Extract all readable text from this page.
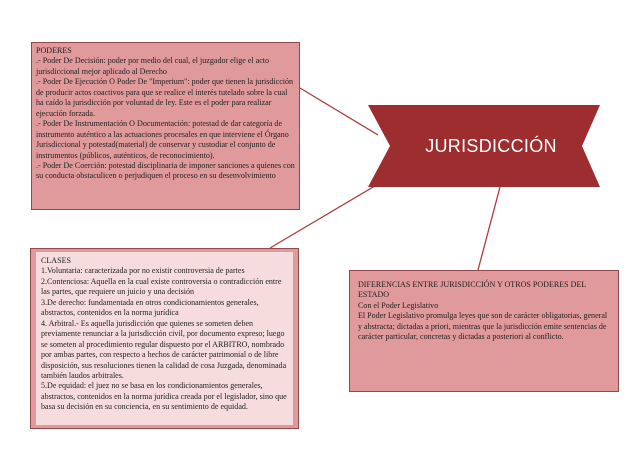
PODERES

.- Poder De Decisión: poder por medio del cual, el juzgador elige el acto jurisdiccional mejor aplicado al Derecho

.- Poder De Ejecución O Poder De "Imperium": poder que tienen la jurisdicción de producir actos coactivos para que se realice el interés tutelado sobre la cual ha caído la jurisdicción por voluntad de ley. Este es el poder para realizar ejecución forzada.

.- Poder De Instrumentación O Documentación: potestad de dar categoría de instrumento auténtico a las actuaciones procesales en que interviene el Órgano Jurisdiccional y potestad(material) de conservar y custodiar el conjunto de instrumentos (públicos, auténticos, de reconocimiento).

.- Poder De Coerción: potestad disciplinaria de imponer sanciones a quienes con su conducta obstaculicen o perjudiquen el proceso en su desenvolvimiento

JURISDICCIÓN

CLASES

1.Voluntaria: caracterizada por no existir controversia de partes

2.Contenciosa: Aquella en la cual existe controversia o contradicción entre las partes, que requiere un juicio y una decisión

3.De derecho: fundamentada en otros condicionamientos generales, abstractos, contenidos en la norma jurídica

4. Arbitral.- Es aquella jurisdicción que quienes se someten deben previamente renunciar a la jurisdicción civil, por documento expreso; luego se someten al procedimiento regular dispuesto por el ARBITRO, nombrado por ambas partes, con respecto a hechos de carácter patrimonial o de libre disposición, sus resoluciones tienen la calidad de cosa Juzgada, denominada también laudos arbitrales.

5.De equidad: el juez no se basa en los condicionamientos generales, abstractos, contenidos en la norma jurídica creada por el legislador, sino que basa su decisión en su conciencia, en su sentimiento de equidad.

DIFERENCIAS ENTRE JURISDICCIÓN Y OTROS PODERES DEL ESTADO

Con el Poder Legislativo

El Poder Legislativo promulga leyes que son de carácter obligatorias, general y abstracta; dictadas a priori, mientras que la jurisdicción emite sentencias de carácter particular, concretas y dictadas a posteriori al conflicto.
